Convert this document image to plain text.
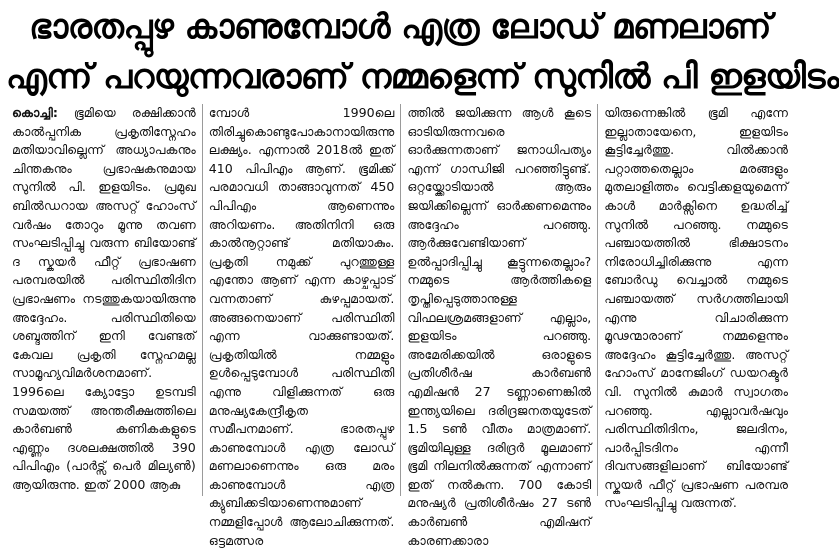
ഭാരതപ്പുഴ കാണുമ്പോൾ എത്ര ലോഡ് മണലാണ്
എന്ന് പറയുന്നവരാണ് നമ്മളെന്ന് സുനിൽ പി ഇളയിടം

കൊച്ചി: ഭൂമിയെ രക്ഷിക്കാൻ കാൽപ്പനിക പ്രകൃതിസ്നേഹം മതിയാവില്ലെന്ന് അധ്യാപകനും ചിന്തകനും പ്രഭാഷകനുമായ സുനിൽ പി. ഇളയിടം. പ്രമുഖ ബിൽഡറായ അസറ്റ് ഹോംസ് വർഷം തോറും മൂന്നു തവണ സംഘടിപ്പിച്ചു വരുന്ന ബിയോണ്ട് ദ സ്കയർ ഫീറ്റ് പ്രഭാഷണ പരമ്പരയിൽ പരിസ്ഥിതിദിന പ്രഭാഷണം നടത്തുകയായിരുന്നു അദ്ദേഹം. പരിസ്ഥിതിയെ ശബ്ദത്തിന് ഇനി വേണ്ടത് കേവല പ്രകൃതി സ്നേഹമല്ല സാമൂഹ്യവിമർശനമാണ്. 1996ലെ ക്യോട്ടോ ഉടമ്പടി സമയത്ത് അന്തരീക്ഷത്തിലെ കാർബൺ കണികകളുടെ എണ്ണം ദശലക്ഷത്തിൽ 390 പിപിഎം (പാർട്സ് പെർ മില്യൺ) ആയിരുന്നു. ഇത് 2000 ആകു

മ്പോൾ 1990ലെ തിരിച്ചുകൊണ്ടുപോകാനായിരുന്നു ലക്ഷ്യം. എന്നാൽ 2018ൽ ഇത് 410 പിപിഎം ആണ്. ഭൂമിക്ക് പരമാവധി താങ്ങാവുന്നത് 450 പിപിഎം ആണെന്നും അറിയണം. അതിനിനി ഒരു കാൽനൂറ്റാണ്ട് മതിയാകും. പ്രകൃതി നമുക്ക് പുറത്തുള്ള എന്തോ ആണ് എന്ന കാഴ്ചപ്പാട് വന്നതാണ് കുഴപ്പമായത്. അങ്ങനെയാണ് പരിസ്ഥിതി എന്ന വാക്കുണ്ടായത്. പ്രകൃതിയിൽ നമ്മളും ഉൾപ്പെടുമ്പോൾ പരിസ്ഥിതി എന്നു വിളിക്കുന്നത് ഒരു മനുഷ്യകേന്ദ്രീകൃത സമീപനമാണ്. ഭാരതപ്പുഴ കാണുമ്പോൾ എത്ര ലോഡ് മണലാണെന്നും ഒരു മരം കാണുമ്പോൾ എത്ര ക്യുബിക്കടിയാണെന്നുമാണ് നമ്മളിപ്പോൾ ആലോചിക്കുന്നത്. ഒട്ടമത്സര

ത്തിൽ ജയിക്കുന്ന ആൾ കൂടെ ഓടിയിരുന്നവരെ ഓർക്കുന്നതാണ് ജനാധിപത്യം എന്ന് ഗാന്ധിജി പറഞ്ഞിട്ടുണ്ട്. ഒറ്റയ്ക്കോടിയാൽ ആരും ജയിക്കില്ലെന്ന് ഓർക്കണമെന്നും അദ്ദേഹം പറഞ്ഞു. ആർക്കുവേണ്ടിയാണ് ഉൽപ്പാദിപ്പിച്ചു കൂട്ടുന്നതെല്ലാം? നമ്മുടെ ആർത്തികളെ തൃപ്തിപ്പെടുത്താനുള്ള വിഫലശ്രമങ്ങളാണ് എല്ലാം, ഇളയിടം പറഞ്ഞു. അമേരിക്കയിൽ ഒരാളുടെ പ്രതിശീർഷ കാർബൺ എമിഷൻ 27 ടണ്ണാണെങ്കിൽ ഇന്ത്യയിലെ ദരിദ്രജനതയുടേത് 1.5 ടൺ വീതം മാത്രമാണ്. ഭൂമിയിലുള്ള ദരിദ്രർ മൂലമാണ് ഭൂമി നിലനിൽക്കുന്നത് എന്നാണ് ഇത് നൽകുന്ന. 700 കോടി മനുഷ്യർ പ്രതിശീർഷം 27 ടൺ കാർബൺ എമിഷന് കാരണക്കാരാ

യിരുന്നെങ്കിൽ ഭൂമി എന്നേ ഇല്ലാതായേനെ, ഇളയിടം കൂട്ടിച്ചേർത്തു. വിൽക്കാൻ പറ്റാത്തതെല്ലാം മരങ്ങളും മുതലാളിത്തം വെട്ടിക്കളയുമെന്ന് കാൾ മാർക്സിനെ ഉദ്ധരിച്ച് സുനിൽ പറഞ്ഞു. നമ്മുടെ പഞ്ചായത്തിൽ ഭിക്ഷാടനം നിരോധിച്ചിരിക്കുന്നു എന്ന ബോർഡു വെച്ചാൽ നമ്മുടെ പഞ്ചായത്ത് സർഗത്തിലായി എന്നു വിചാരിക്കുന്ന മൂഢന്മാരാണ് നമ്മളെന്നും അദ്ദേഹം കൂട്ടിച്ചേർത്തു. അസറ്റ് ഹോംസ് മാനേജിംഗ് ഡയറക്ടർ വി. സുനിൽ കുമാർ സ്വാഗതം പറഞ്ഞു. എല്ലാവർഷവും പരിസ്ഥിതിദിനം, ജലദിനം, പാർപ്പിടദിനം എന്നീ ദിവസങ്ങളിലാണ് ബിയോണ്ട് സ്കയർ ഫീറ്റ് പ്രഭാഷണ പരമ്പര സംഘടിപ്പിച്ചു വരുന്നത്.
